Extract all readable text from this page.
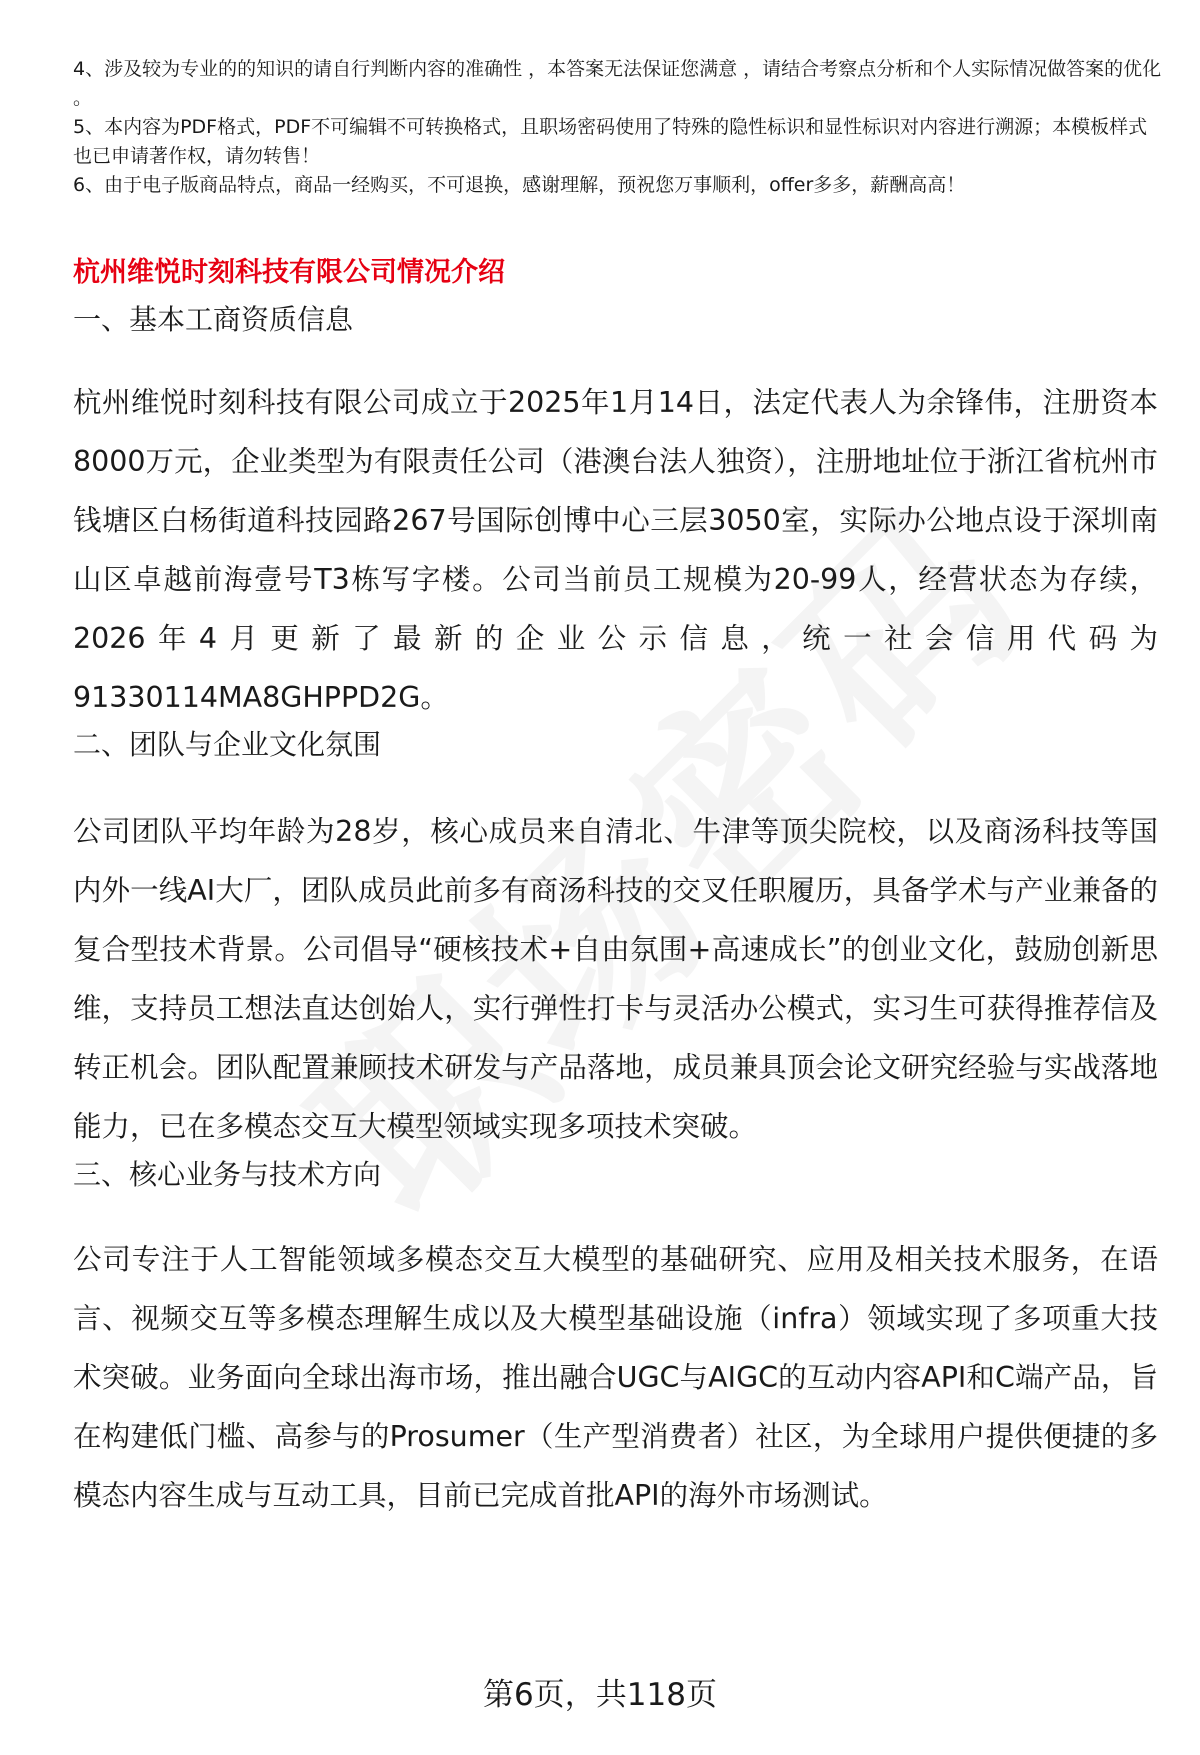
4、涉及较为专业的的知识的请自行判断内容的准确性 ，本答案无法保证您满意 ，请结合考察点分析和个人实际情况做答案的优化 。

5、本内容为PDF格式，PDF不可编辑不可转换格式，且职场密码使用了特殊的隐性标识和显性标识对内容进行溯源；本模板样式也已申请著作权，请勿转售！

6、由于电子版商品特点，商品一经购买，不可退换，感谢理解，预祝您万事顺利，offer多多，薪酬高高！

杭州维悦时刻科技有限公司情况介绍
一、基本工商资质信息

杭州维悦时刻科技有限公司成立于2025年1月14日，法定代表人为余锋伟，注册资本8000万元，企业类型为有限责任公司（港澳台法人独资），注册地址位于浙江省杭州市钱塘区白杨街道科技园路267号国际创博中心三层3050室，实际办公地点设于深圳南山区卓越前海壹号T3栋写字楼。公司当前员工规模为20-99人，经营状态为存续，2026年4月更新了最新的企业公示信息，统一社会信用代码为91330114MA8GHPPD2G。

二、团队与企业文化氛围

公司团队平均年龄为28岁，核心成员来自清北、牛津等顶尖院校，以及商汤科技等国内外一线AI大厂，团队成员此前多有商汤科技的交叉任职履历，具备学术与产业兼备的复合型技术背景。公司倡导“硬核技术+自由氛围+高速成长”的创业文化，鼓励创新思维，支持员工想法直达创始人，实行弹性打卡与灵活办公模式，实习生可获得推荐信及转正机会。团队配置兼顾技术研发与产品落地，成员兼具顶会论文研究经验与实战落地能力，已在多模态交互大模型领域实现多项技术突破。

三、核心业务与技术方向

公司专注于人工智能领域多模态交互大模型的基础研究、应用及相关技术服务，在语言、视频交互等多模态理解生成以及大模型基础设施（infra）领域实现了多项重大技术突破。业务面向全球出海市场，推出融合UGC与AIGC的互动内容API和C端产品，旨在构建低门槛、高参与的Prosumer（生产型消费者）社区，为全球用户提供便捷的多模态内容生成与互动工具，目前已完成首批API的海外市场测试。

第6页，共118页
